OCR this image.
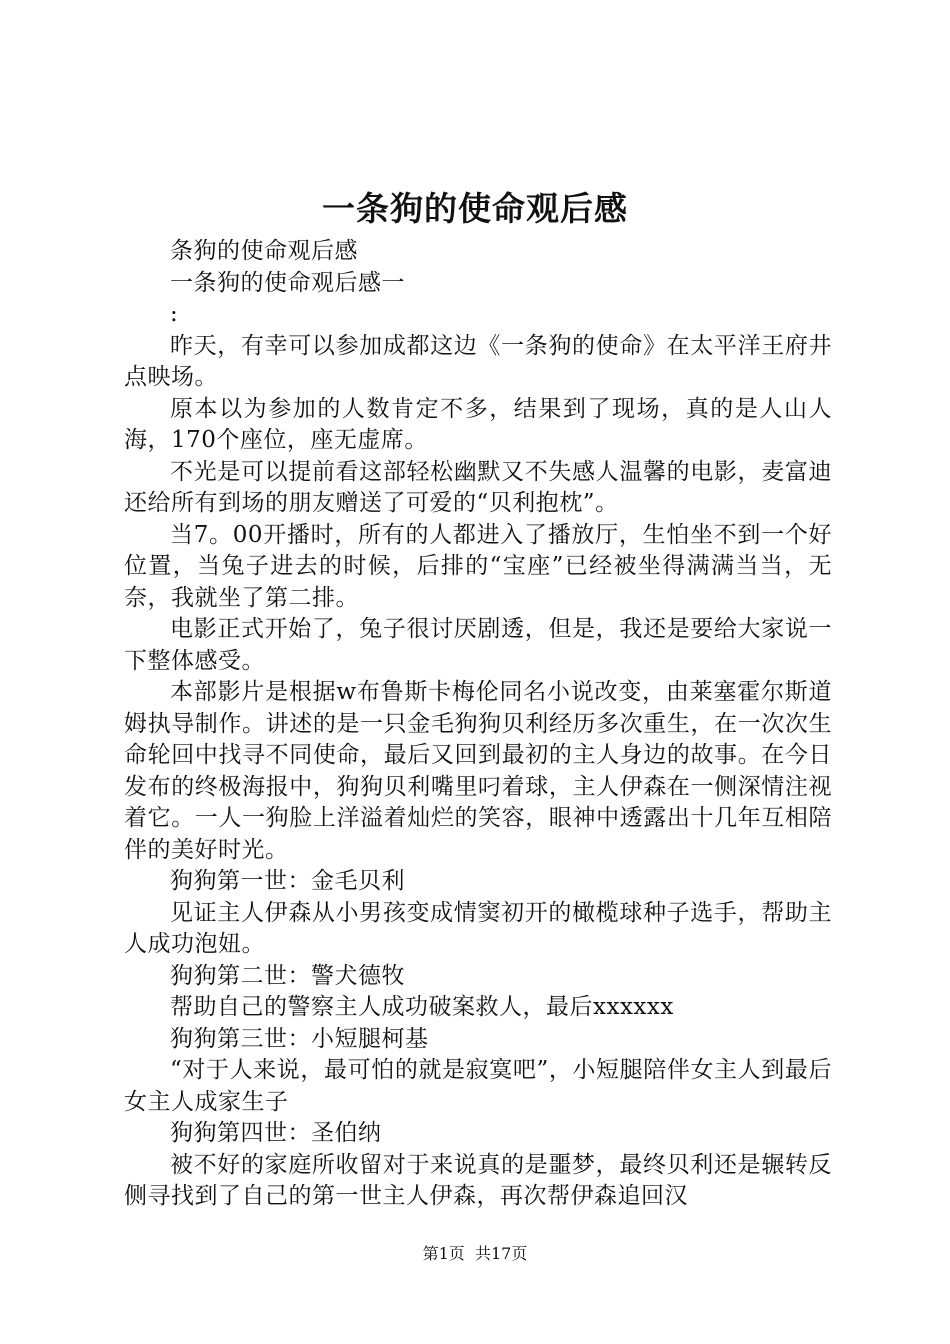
一条狗的使命观后感

条狗的使命观后感

一条狗的使命观后感一

:

昨天，有幸可以参加成都这边《一条狗的使命》在太平洋王府井点映场。

原本以为参加的人数肯定不多，结果到了现场，真的是人山人海，170个座位，座无虚席。

不光是可以提前看这部轻松幽默又不失感人温馨的电影，麦富迪还给所有到场的朋友赠送了可爱的“贝利抱枕”。

当7。00开播时，所有的人都进入了播放厅，生怕坐不到一个好位置，当兔子进去的时候，后排的“宝座”已经被坐得满满当当，无奈，我就坐了第二排。

电影正式开始了，兔子很讨厌剧透，但是，我还是要给大家说一下整体感受。

本部影片是根据w布鲁斯卡梅伦同名小说改变，由莱塞霍尔斯道姆执导制作。讲述的是一只金毛狗狗贝利经历多次重生，在一次次生命轮回中找寻不同使命，最后又回到最初的主人身边的故事。在今日发布的终极海报中，狗狗贝利嘴里叼着球，主人伊森在一侧深情注视着它。一人一狗脸上洋溢着灿烂的笑容，眼神中透露出十几年互相陪伴的美好时光。

狗狗第一世：金毛贝利

见证主人伊森从小男孩变成情窦初开的橄榄球种子选手，帮助主人成功泡妞。

狗狗第二世：警犬德牧

帮助自己的警察主人成功破案救人，最后xxxxxx

狗狗第三世：小短腿柯基

“对于人来说，最可怕的就是寂寞吧”，小短腿陪伴女主人到最后女主人成家生子

狗狗第四世：圣伯纳

被不好的家庭所收留对于来说真的是噩梦，最终贝利还是辗转反侧寻找到了自己的第一世主人伊森，再次帮伊森追回汉

第1页 共17页
